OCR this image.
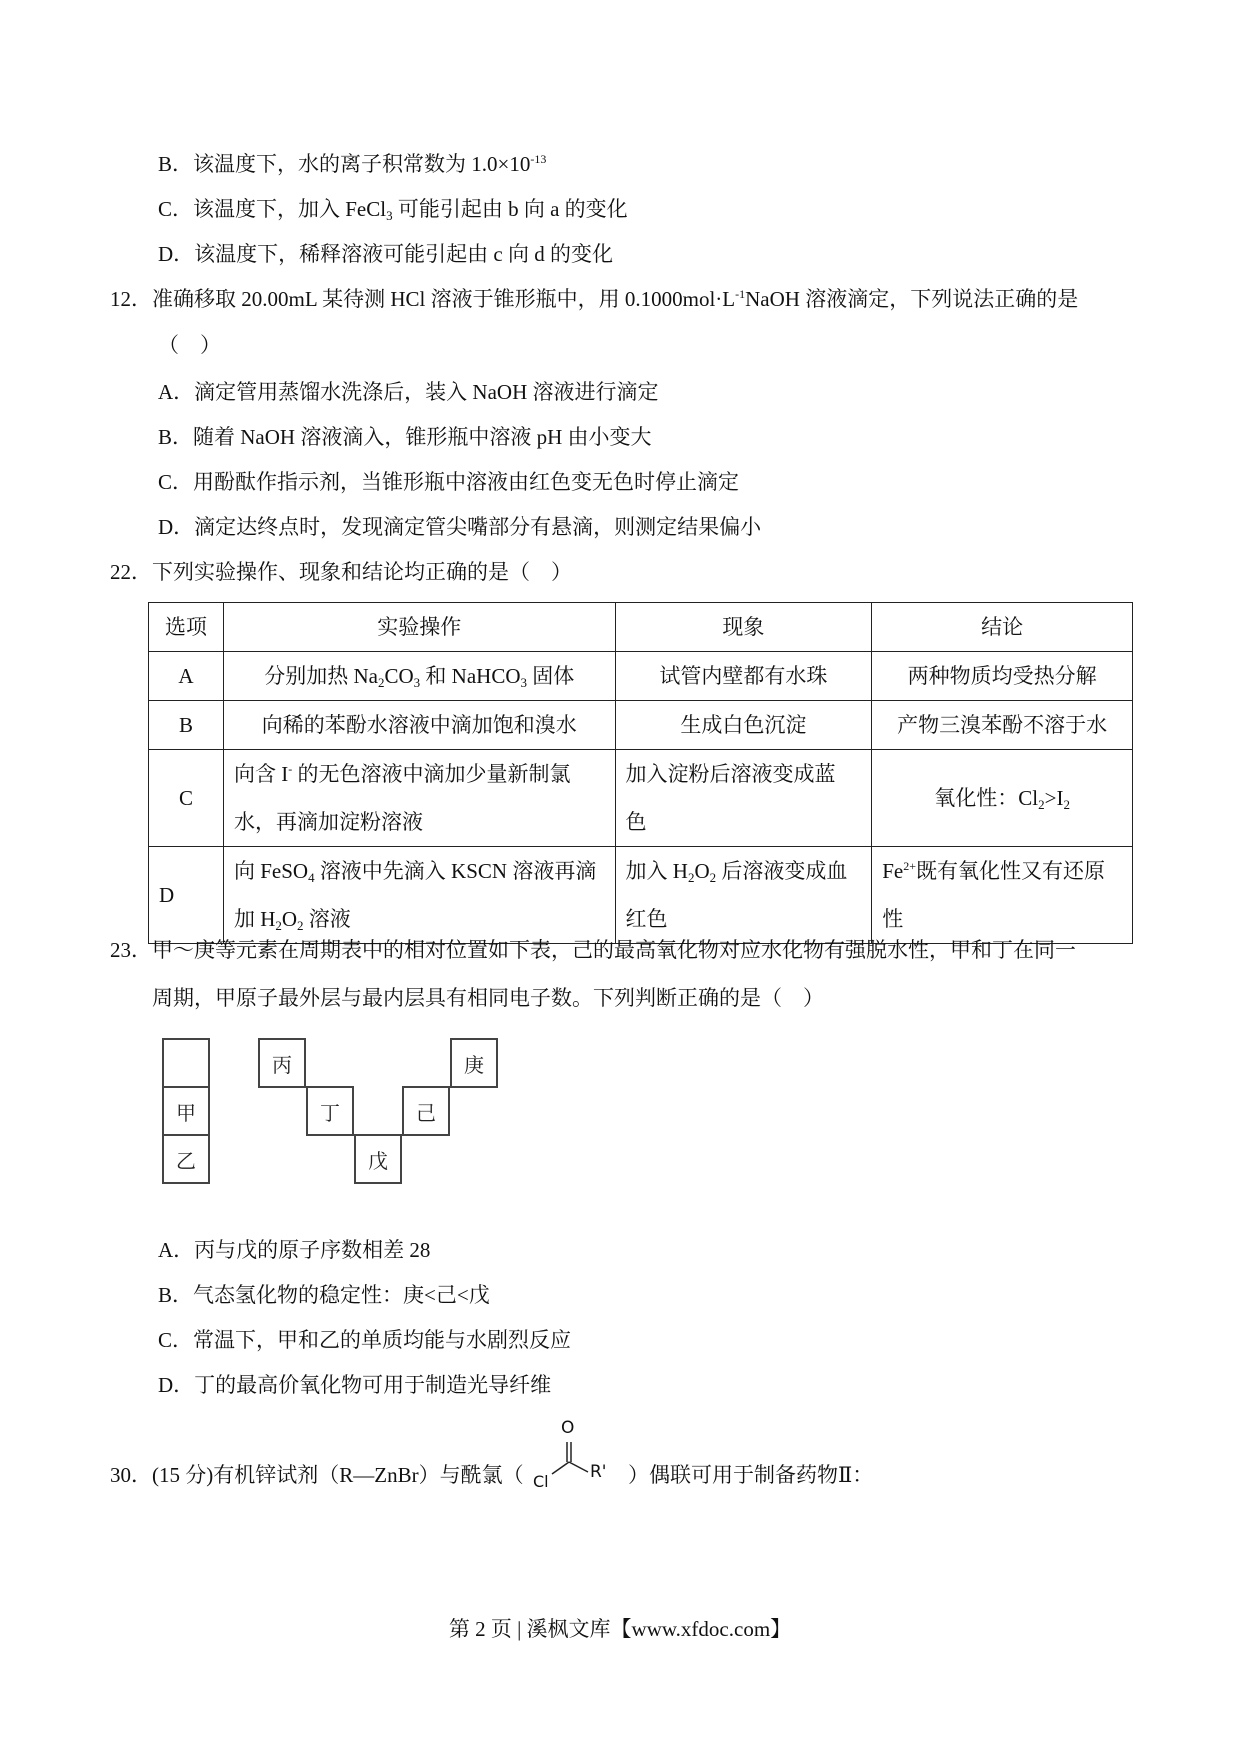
B．该温度下，水的离子积常数为 $1.0\times 10^{-13}$
C．该温度下，加入 FeCl$_3$ 可能引起由 b 向 a 的变化
D．该温度下，稀释溶液可能引起由 c 向 d 的变化
12．准确移取 20.00mL 某待测 HCl 溶液于锥形瓶中，用 $0.1000mol\cdot L^{-1}NaOH$ 溶液滴定，下列说法正确的是
（　）
A．滴定管用蒸馏水洗涤后，装入 NaOH 溶液进行滴定
B．随着 NaOH 溶液滴入，锥形瓶中溶液 pH 由小变大
C．用酚酞作指示剂，当锥形瓶中溶液由红色变无色时停止滴定
D．滴定达终点时，发现滴定管尖嘴部分有悬滴，则测定结果偏小
22．下列实验操作、现象和结论均正确的是（　）
选项	实验操作	现象	结论
A	分别加热 $Na_2CO_3$ 和 NaHCO$_3$ 固体	试管内壁都有水珠	两种物质均受热分解
B	向稀的苯酚水溶液中滴加饱和溴水	生成白色沉淀	产物三溴苯酚不溶于水
C	向含 I- 的无色溶液中滴加少量新制氯
水，再滴加淀粉溶液	加入淀粉后溶液变成蓝
色	氧化性：$Cl_2>I_2$
D	向 FeSO$_4$ 溶液中先滴入 KSCN 溶液再滴
加 $H_2O_2$ 溶液	加入 $H_2O_2$ 后溶液变成血
红色	$Fe^{2+}$既有氧化性又有还原
性
23．甲～庚等元素在周期表中的相对位置如下表，己的最高氧化物对应水化物有强脱水性，甲和丁在同一
周期，甲原子最外层与最内层具有相同电子数。下列判断正确的是（　）
甲
乙
丙
丁
戊
己
庚
A．丙与戊的原子序数相差 28
B．气态氢化物的稳定性：庚<己<戊
C．常温下，甲和乙的单质均能与水剧烈反应
D．丁的最高价氧化物可用于制造光导纤维
30．(15 分)有机锌试剂（R—ZnBr）与酰氯（
O
Cl R' ）偶联可用于制备药物Ⅱ：
第 2 页 | 溪枫文库【www.xfdoc.com】
